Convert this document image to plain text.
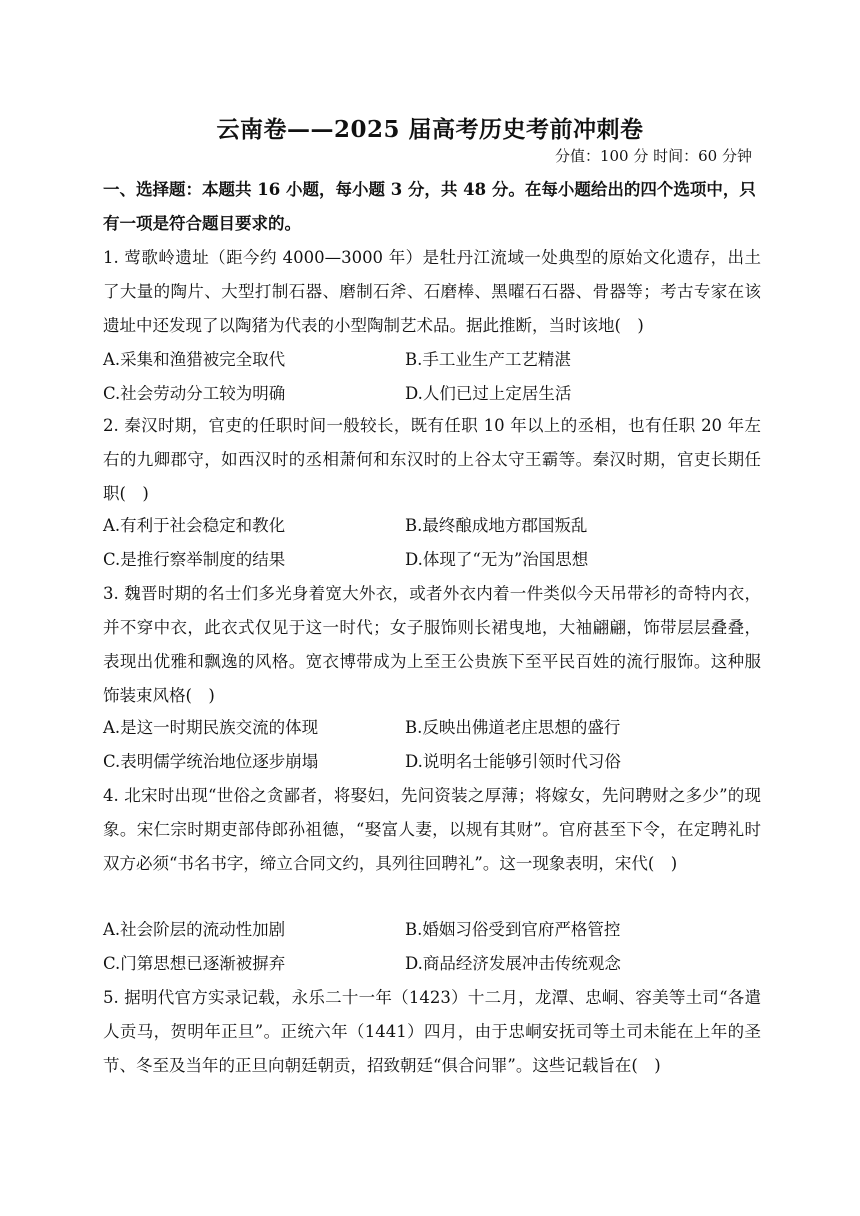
云南卷——2025 届高考历史考前冲刺卷
分值：100 分 时间：60 分钟
一、选择题：本题共 16 小题，每小题 3 分，共 48 分。在每小题给出的四个选项中，只有一项是符合题目要求的。
1. 莺歌岭遗址（距今约 4000—3000 年）是牡丹江流域一处典型的原始文化遗存，出土了大量的陶片、大型打制石器、磨制石斧、石磨棒、黑曜石石器、骨器等；考古专家在该遗址中还发现了以陶猪为代表的小型陶制艺术品。据此推断，当时该地(　)
A.采集和渔猎被完全取代	B.手工业生产工艺精湛
C.社会劳动分工较为明确	D.人们已过上定居生活
2. 秦汉时期，官吏的任职时间一般较长，既有任职 10 年以上的丞相，也有任职 20 年左右的九卿郡守，如西汉时的丞相萧何和东汉时的上谷太守王霸等。秦汉时期，官吏长期任职(　)
A.有利于社会稳定和教化	B.最终酿成地方郡国叛乱
C.是推行察举制度的结果	D.体现了“无为”治国思想
3. 魏晋时期的名士们多光身着宽大外衣，或者外衣内着一件类似今天吊带衫的奇特内衣，并不穿中衣，此衣式仅见于这一时代；女子服饰则长裙曳地，大袖翩翩，饰带层层叠叠，表现出优雅和飘逸的风格。宽衣博带成为上至王公贵族下至平民百姓的流行服饰。这种服饰装束风格(　)
A.是这一时期民族交流的体现	B.反映出佛道老庄思想的盛行
C.表明儒学统治地位逐步崩塌	D.说明名士能够引领时代习俗
4. 北宋时出现“世俗之贪鄙者，将娶妇，先问资装之厚薄；将嫁女，先问聘财之多少”的现象。宋仁宗时期吏部侍郎孙祖德，“娶富人妻，以规有其财”。官府甚至下令，在定聘礼时双方必须“书名书字，缔立合同文约，具列往回聘礼”。这一现象表明，宋代(　)
A.社会阶层的流动性加剧	B.婚姻习俗受到官府严格管控
C.门第思想已逐渐被摒弃	D.商品经济发展冲击传统观念
5. 据明代官方实录记载，永乐二十一年（1423）十二月，龙潭、忠峒、容美等土司“各遣人贡马，贺明年正旦”。正统六年（1441）四月，由于忠峒安抚司等土司未能在上年的圣节、冬至及当年的正旦向朝廷朝贡，招致朝廷“俱合问罪”。这些记载旨在(　)
